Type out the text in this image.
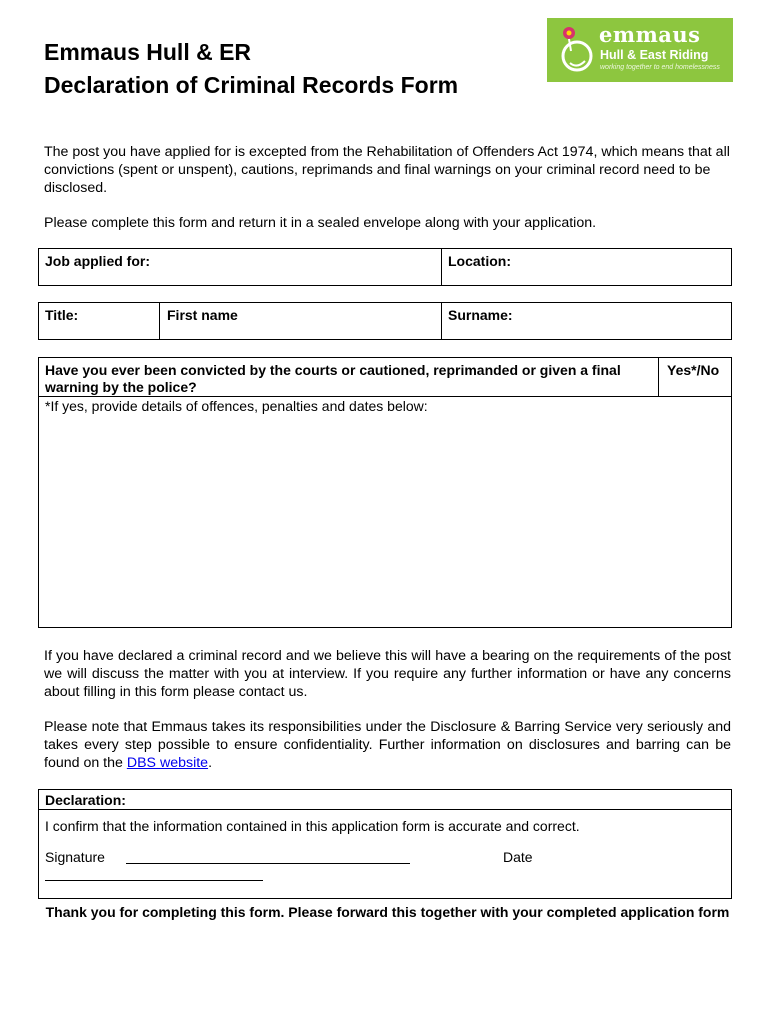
Emmaus Hull & ER
Declaration of Criminal Records Form
emmaus
Hull & East Riding
working together to end homelessness
The post you have applied for is excepted from the Rehabilitation of Offenders Act 1974, which means that all convictions (spent or unspent), cautions, reprimands and final warnings on your criminal record need to be disclosed.
Please complete this form and return it in a sealed envelope along with your application.
Job applied for:	Location:
Title:	First name	Surname:
Have you ever been convicted by the courts or cautioned, reprimanded or given a final warning by the police?
Yes*/No
*If yes, provide details of offences, penalties and dates below:
If you have declared a criminal record and we believe this will have a bearing on the requirements of the post we will discuss the matter with you at interview. If you require any further information or have any concerns about filling in this form please contact us.
Please note that Emmaus takes its responsibilities under the Disclosure & Barring Service very seriously and takes every step possible to ensure confidentiality. Further information on disclosures and barring can be found on the DBS website.
Declaration:
I confirm that the information contained in this application form is accurate and correct.
Signature	Date
Thank you for completing this form. Please forward this together with your completed application form
